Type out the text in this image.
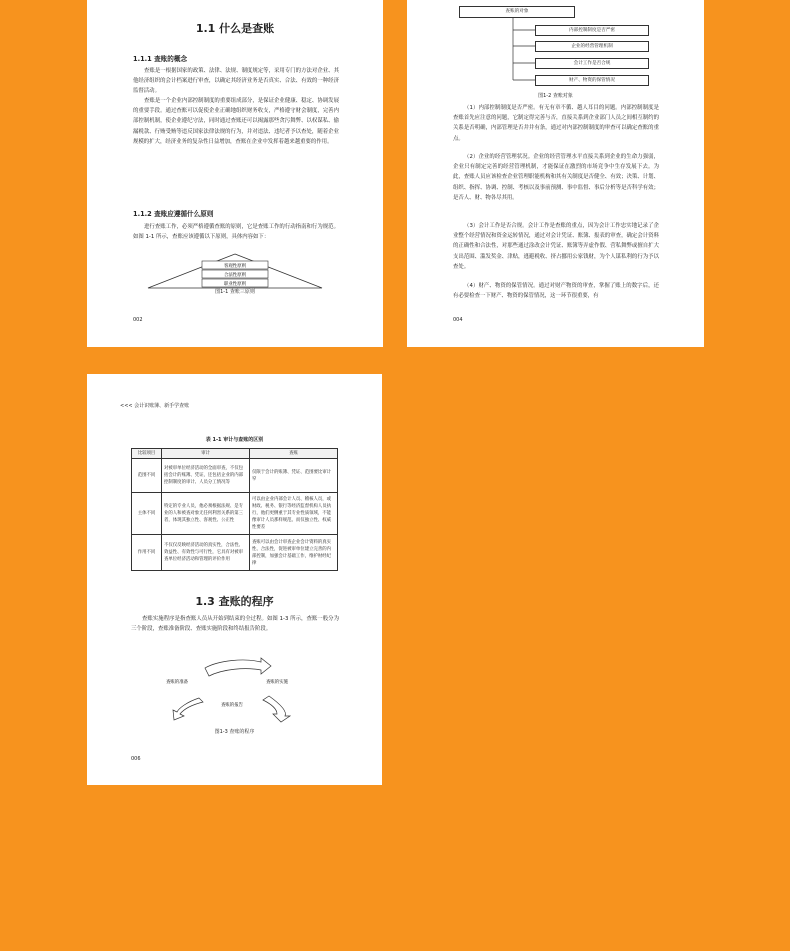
1.1 什么是查账
1.1.1 查账的概念
查账是一根据国家的政策、法律、法规、制度规定等，采用专门的方法对企业、其他经济组织的会计档案进行审查，以确定其经济业务是否真实、合法、有效的一种经济监督活动。
查账是一个企业内部控制制度的重要组成部分，是保证企业健康、稳定、协调发展的重要手段。通过查账可以促使企业正确地组织财务收支，严格遵守财会制度，完善内部控制机制，使企业遵纪守法，同时通过查账还可以揭露那些贪污舞弊、以权谋私、偷漏税款、行贿受贿等违反国家法律法规的行为，并对违法、违纪者予以查处，随着企业规模的扩大，经济业务的复杂性日益增加，查账在企业中发挥着越来越重要的作用。
1.1.2 查账应遵循什么原则
进行查账工作，必须严格遵循查账的原则，它是查账工作的行动指南和行为规范。如图 1-1 所示，查账应该遵循以下原则，具体内容如下：
客观性原则
合法性原则
职业性原则
图1-1 查账三原则
002
查账的对象
内部控制制度是否严密
企业的经营管理机制
会计工作是否合规
财产、物资的保管情况
图1-2 查账对象
（1）内部控制制度是否严密。有无有章不循、越人耳目的问题。内部控制制度是查账首先应注意的问题，它制定得完善与否，直接关系到企业部门人员之间相互制约的关系是否明确，内部管理是否井井有条，通过对内部控制制度的审查可以确定查账的重点。
（2）企业的经营管理状况。企业的经营管理水平直接关系到企业的生命力强弱，企业只有制定完善的经营管理机制，才能保证在激烈的市场竞争中生存发展下去。为此，查账人员应该检查企业管理职能机构和其有关制度是否健全、有效；决策、计划、组织、指挥、协调、控制、考核以及事前预测、事中监督、事后分析等是否科学有效；是否人、财、物各尽其用。
（3）会计工作是否合规。会计工作是查账的重点，因为会计工作忠实地记录了企业整个经营情况和资金运转情况，通过对会计凭证、账簿、报表的审查，确定会计资料的正确性和合法性，对那些通过涂改会计凭证、账簿等弄虚作假、营私舞弊或擅自扩大支出范围、滥发奖金、津贴，逃避税收、挤占挪用公家钱财，为个人谋私利的行为予以查处。
（4）财产、物资的保管情况。通过对财产物资的审查，掌握了账上的数字后，还有必要检查一下财产、物资的保管情况，这一环节很重要，有
004
<<< 会计识账簿、新手学查账
表 1-1 审计与查账的区别
比较项目	审计	查账
范围不同	对被审单位经济活动的全面审查，不仅包括会计的账簿、凭证，还包括企业的内部控制制度的审计、人员分工情况等	仅限于会计的账簿、凭证、范围要比审计窄
主体不同	特定的专业人员，他必须根据法规、是专业的人和被查对象无任何利害关系的第三者，体现其独立性、客观性、公正性	可以由企业内部会计人员、稽核人员，或财政、税务、银行等经济监督机构人员执行，他们更侧重于其专业性质领域，不能像审计人员那样规范、而仅独立性、权威性要差
作用不同	不仅仅反映经济活动的真实性，合法性、效益性、有效性与可行性，它具有对被审查单位经济活动和管理的评价作用	查账可以由会计审查企业会计资料的真实性、合法性，促进被审单位建立完善的内部控制，加强会计基础工作，维护财经纪律
1.3 查账的程序
查账实施程序是指查账人员从开始到结束的全过程。如图 1-3 所示，查账一般分为三个阶段，查账准备阶段、查账实施阶段和终结报告阶段。
查账的准备	查账的实施
查账的报告
图1-3 查账的程序
006
